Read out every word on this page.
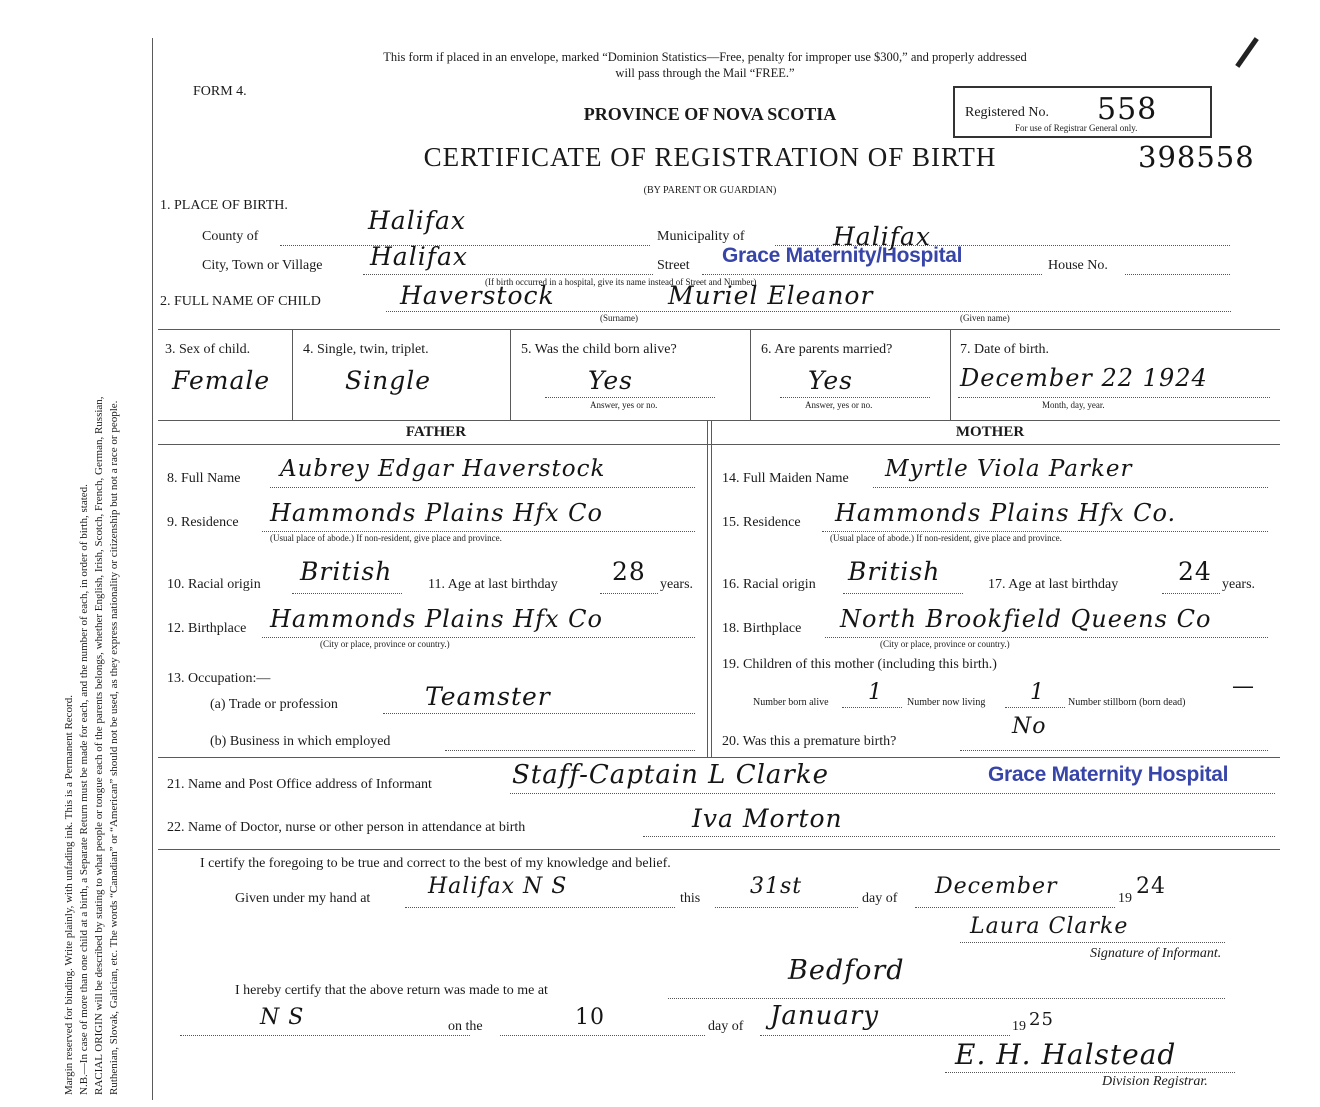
Margin reserved for binding. Write plainly, with unfading ink. This is a Permanent Record. N.B.—In case of more than one child at a birth, a Separate Return must be made for each, and the number of each, in order of birth, stated. RACIAL ORIGIN will be described by stating to what people or tongue each of the parents belongs, whether English, Irish, Scotch, French, German, Russian, Ruthenian, Slovak, Galician, etc. The words “Canadian” or “American” should not be used, as they express nationality or citizenship but not a race or people.
This form if placed in an envelope, marked “Dominion Statistics—Free, penalty for improper use $300,” and properly addressed
will pass through the Mail “FREE.”
FORM 4.
PROVINCE OF NOVA SCOTIA
CERTIFICATE OF REGISTRATION OF BIRTH
(BY PARENT OR GUARDIAN)
Registered No. 558
For use of Registrar General only.
398558
1. PLACE OF BIRTH.
County of
Halifax
Municipality of	Halifax
City, Town or Village Halifax	Street Grace Maternity/Hospital	House No.
(If birth occurred in a hospital, give its name instead of Street and Number)
2. FULL NAME OF CHILD	Haverstock	Muriel Eleanor
(Surname)	(Given name)
3. Sex of child.
Female
4. Single, twin, triplet.
Single
5. Was the child born alive?
Yes
Answer, yes or no.
6. Are parents married?
Yes
Answer, yes or no.
7. Date of birth.
December 22 1924
Month, day, year.
FATHER	MOTHER
8. Full Name Aubrey Edgar Haverstock
9. Residence Hammonds Plains Hfx Co
(Usual place of abode.) If non-resident, give place and province.
10. Racial origin British	11. Age at last birthday 28 years.
12. Birthplace Hammonds Plains Hfx Co
(City or place, province or country.)
13. Occupation:—
(a) Trade or profession	Teamster
(b) Business in which employed
14. Full Maiden Name Myrtle Viola Parker
15. Residence Hammonds Plains Hfx Co.
(Usual place of abode.) If non-resident, give place and province.
16. Racial origin British	17. Age at last birthday 24 years.
18. Birthplace North Brookfield Queens Co
(City or place, province or country.)
19. Children of this mother (including this birth.)
Number born alive 1 Number now living 1 Number stillborn (born dead)
—
20. Was this a premature birth?
No
21. Name and Post Office address of Informant	Staff-Captain L Clarke	Grace Maternity Hospital
22. Name of Doctor, nurse or other person in attendance at birth	Iva Morton
I certify the foregoing to be true and correct to the best of my knowledge and belief.
Given under my hand at	Halifax N S	this 31st	day of December	19 24
Laura Clarke
Signature of Informant.
I hereby certify that the above return was made to me at
Bedford
N S	on the	10	day of January	19 25
E. H. Halstead
Division Registrar.
